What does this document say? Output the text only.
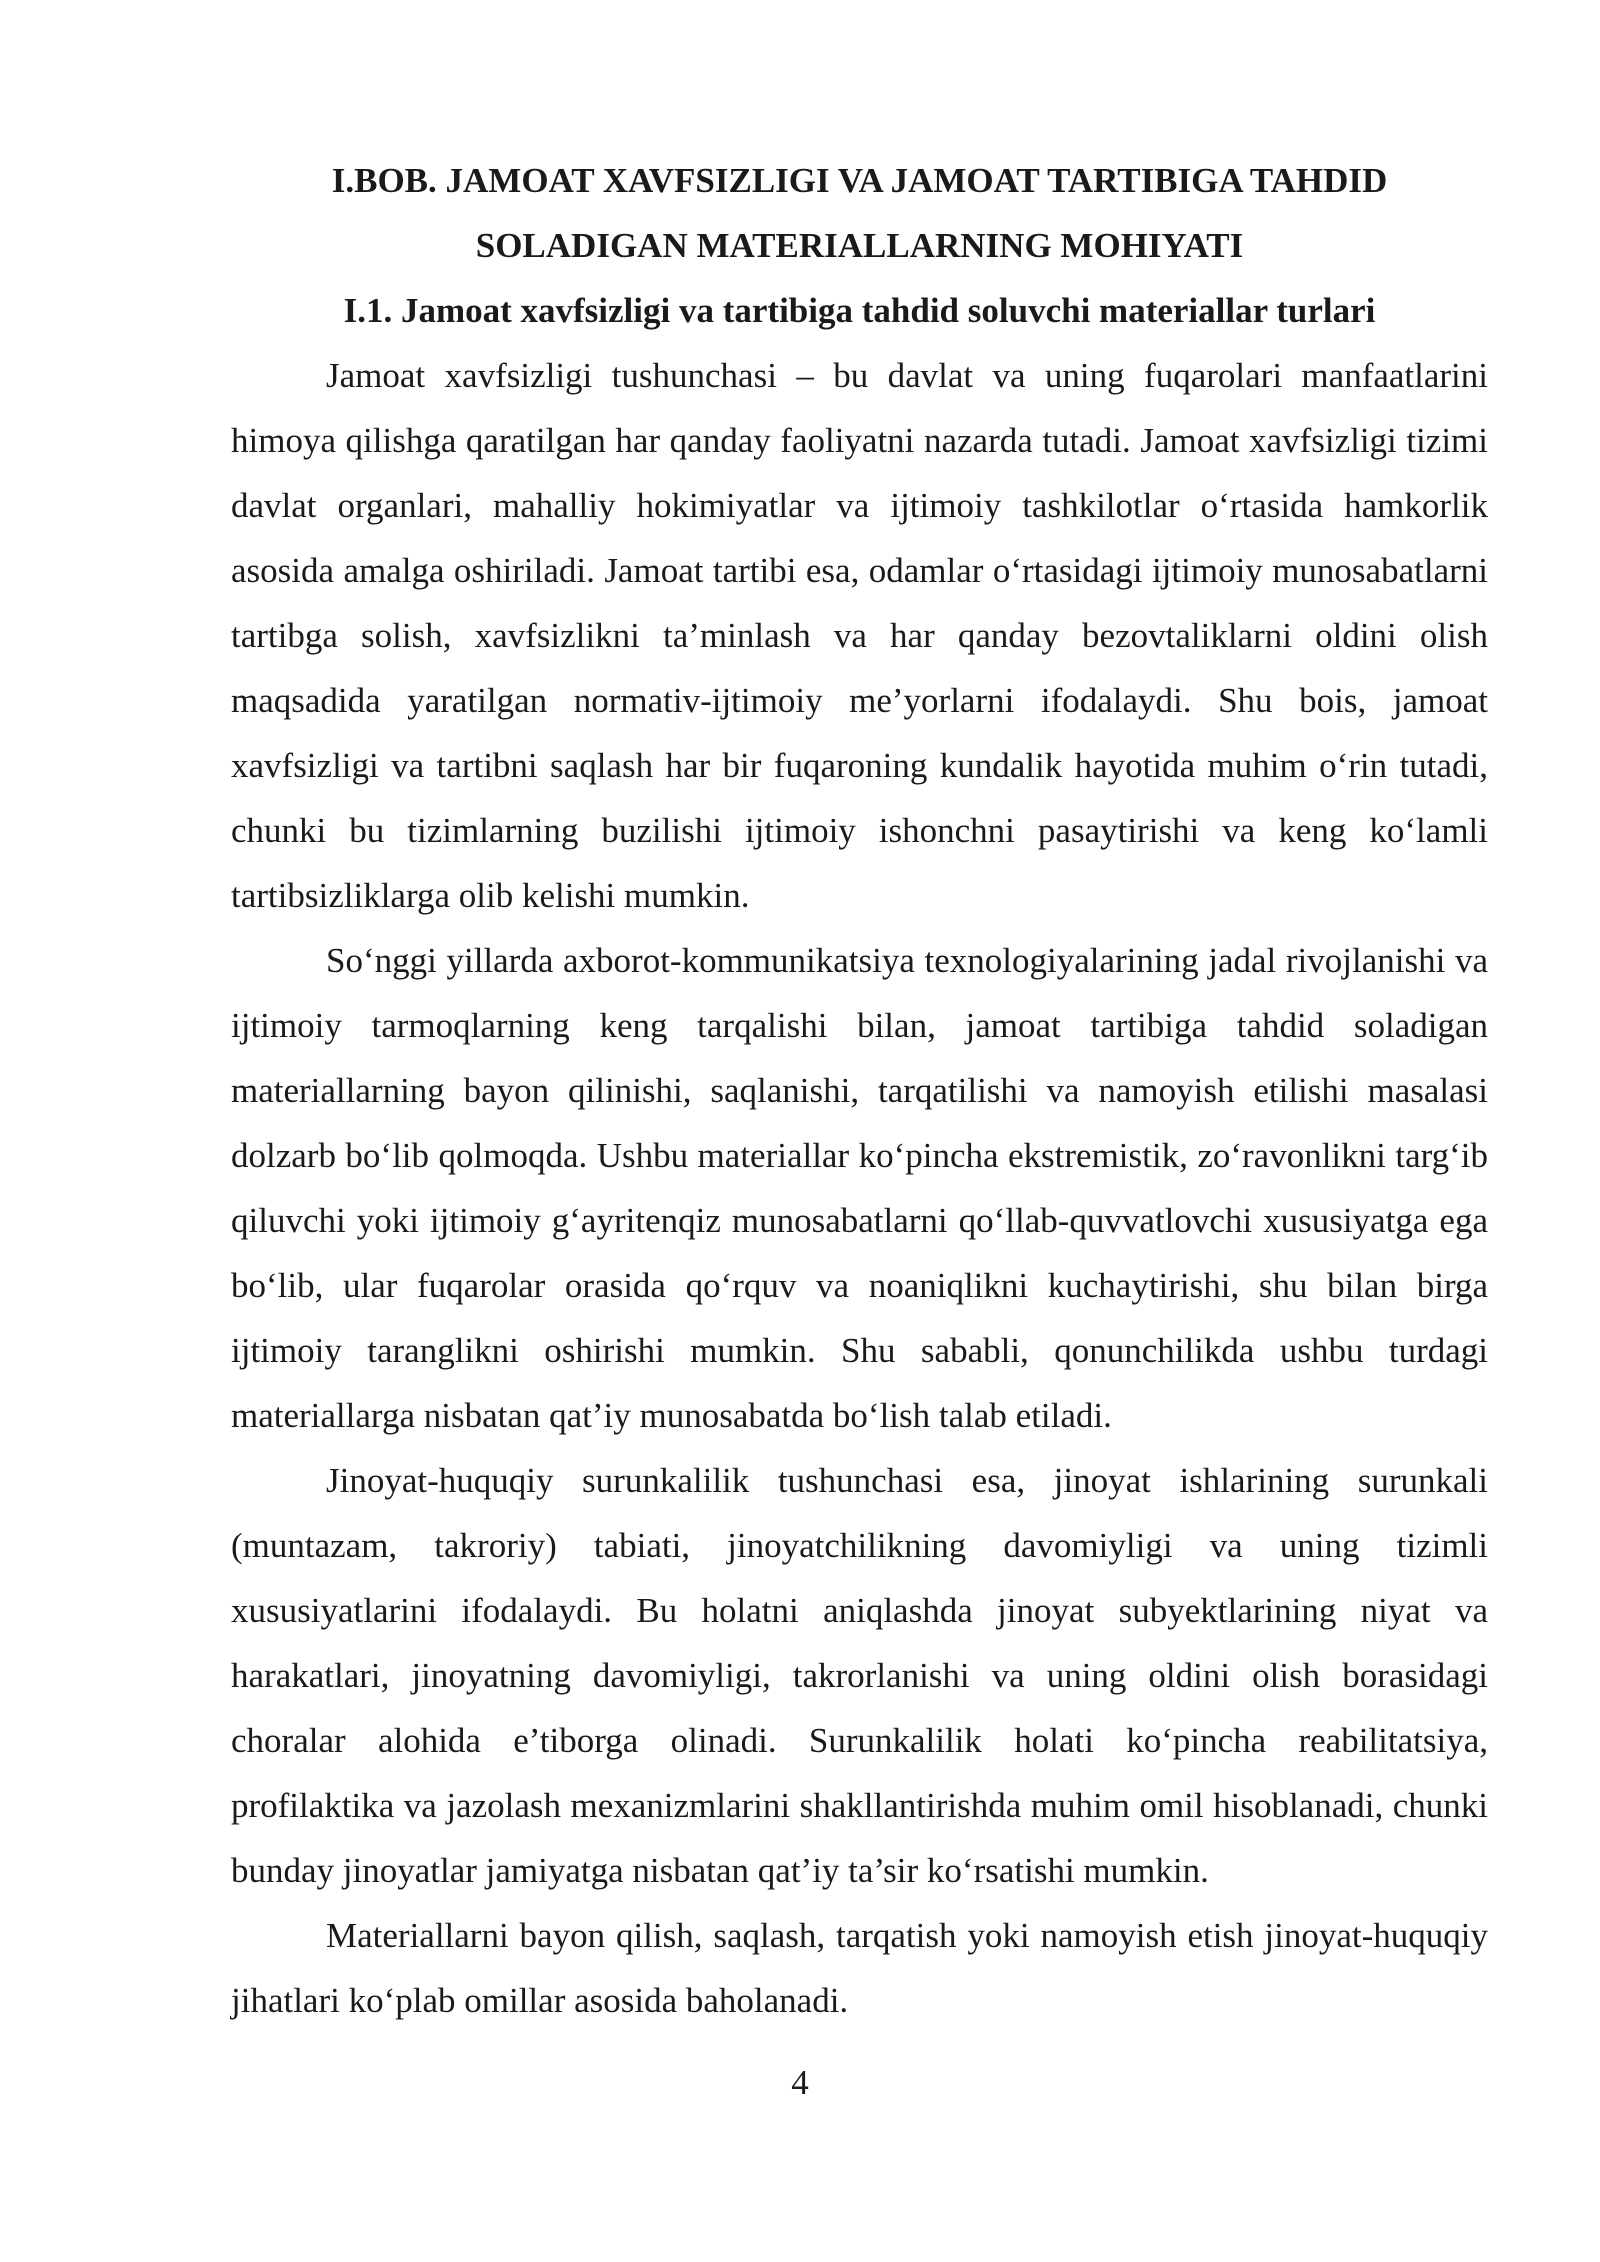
I.BOB. JAMOAT XAVFSIZLIGI VA JAMOAT TARTIBIGA TAHDID
SOLADIGAN MATERIALLARNING MOHIYATI
I.1. Jamoat xavfsizligi va tartibiga tahdid soluvchi materiallar turlari

Jamoat xavfsizligi tushunchasi – bu davlat va uning fuqarolari manfaatlarini himoya qilishga qaratilgan har qanday faoliyatni nazarda tutadi. Jamoat xavfsizligi tizimi davlat organlari, mahalliy hokimiyatlar va ijtimoiy tashkilotlar o‘rtasida hamkorlik asosida amalga oshiriladi. Jamoat tartibi esa, odamlar o‘rtasidagi ijtimoiy munosabatlarni tartibga solish, xavfsizlikni ta’minlash va har qanday bezovtaliklarni oldini olish maqsadida yaratilgan normativ-ijtimoiy me’yorlarni ifodalaydi. Shu bois, jamoat xavfsizligi va tartibni saqlash har bir fuqaroning kundalik hayotida muhim o‘rin tutadi, chunki bu tizimlarning buzilishi ijtimoiy ishonchni pasaytirishi va keng ko‘lamli tartibsizliklarga olib kelishi mumkin.

So‘nggi yillarda axborot-kommunikatsiya texnologiyalarining jadal rivojlanishi va ijtimoiy tarmoqlarning keng tarqalishi bilan, jamoat tartibiga tahdid soladigan materiallarning bayon qilinishi, saqlanishi, tarqatilishi va namoyish etilishi masalasi dolzarb bo‘lib qolmoqda. Ushbu materiallar ko‘pincha ekstremistik, zo‘ravonlikni targ‘ib qiluvchi yoki ijtimoiy g‘ayritenqiz munosabatlarni qo‘llab-quvvatlovchi xususiyatga ega bo‘lib, ular fuqarolar orasida qo‘rquv va noaniqlikni kuchaytirishi, shu bilan birga ijtimoiy taranglikni oshirishi mumkin. Shu sababli, qonunchilikda ushbu turdagi materiallarga nisbatan qat’iy munosabatda bo‘lish talab etiladi.

Jinoyat-huquqiy surunkalilik tushunchasi esa, jinoyat ishlarining surunkali (muntazam, takroriy) tabiati, jinoyatchilikning davomiyligi va uning tizimli xususiyatlarini ifodalaydi. Bu holatni aniqlashda jinoyat subyektlarining niyat va harakatlari, jinoyatning davomiyligi, takrorlanishi va uning oldini olish borasidagi choralar alohida e’tiborga olinadi. Surunkalilik holati ko‘pincha reabilitatsiya, profilaktika va jazolash mexanizmlarini shakllantirishda muhim omil hisoblanadi, chunki bunday jinoyatlar jamiyatga nisbatan qat’iy ta’sir ko‘rsatishi mumkin.

Materiallarni bayon qilish, saqlash, tarqatish yoki namoyish etish jinoyat-huquqiy jihatlari ko‘plab omillar asosida baholanadi.

4
